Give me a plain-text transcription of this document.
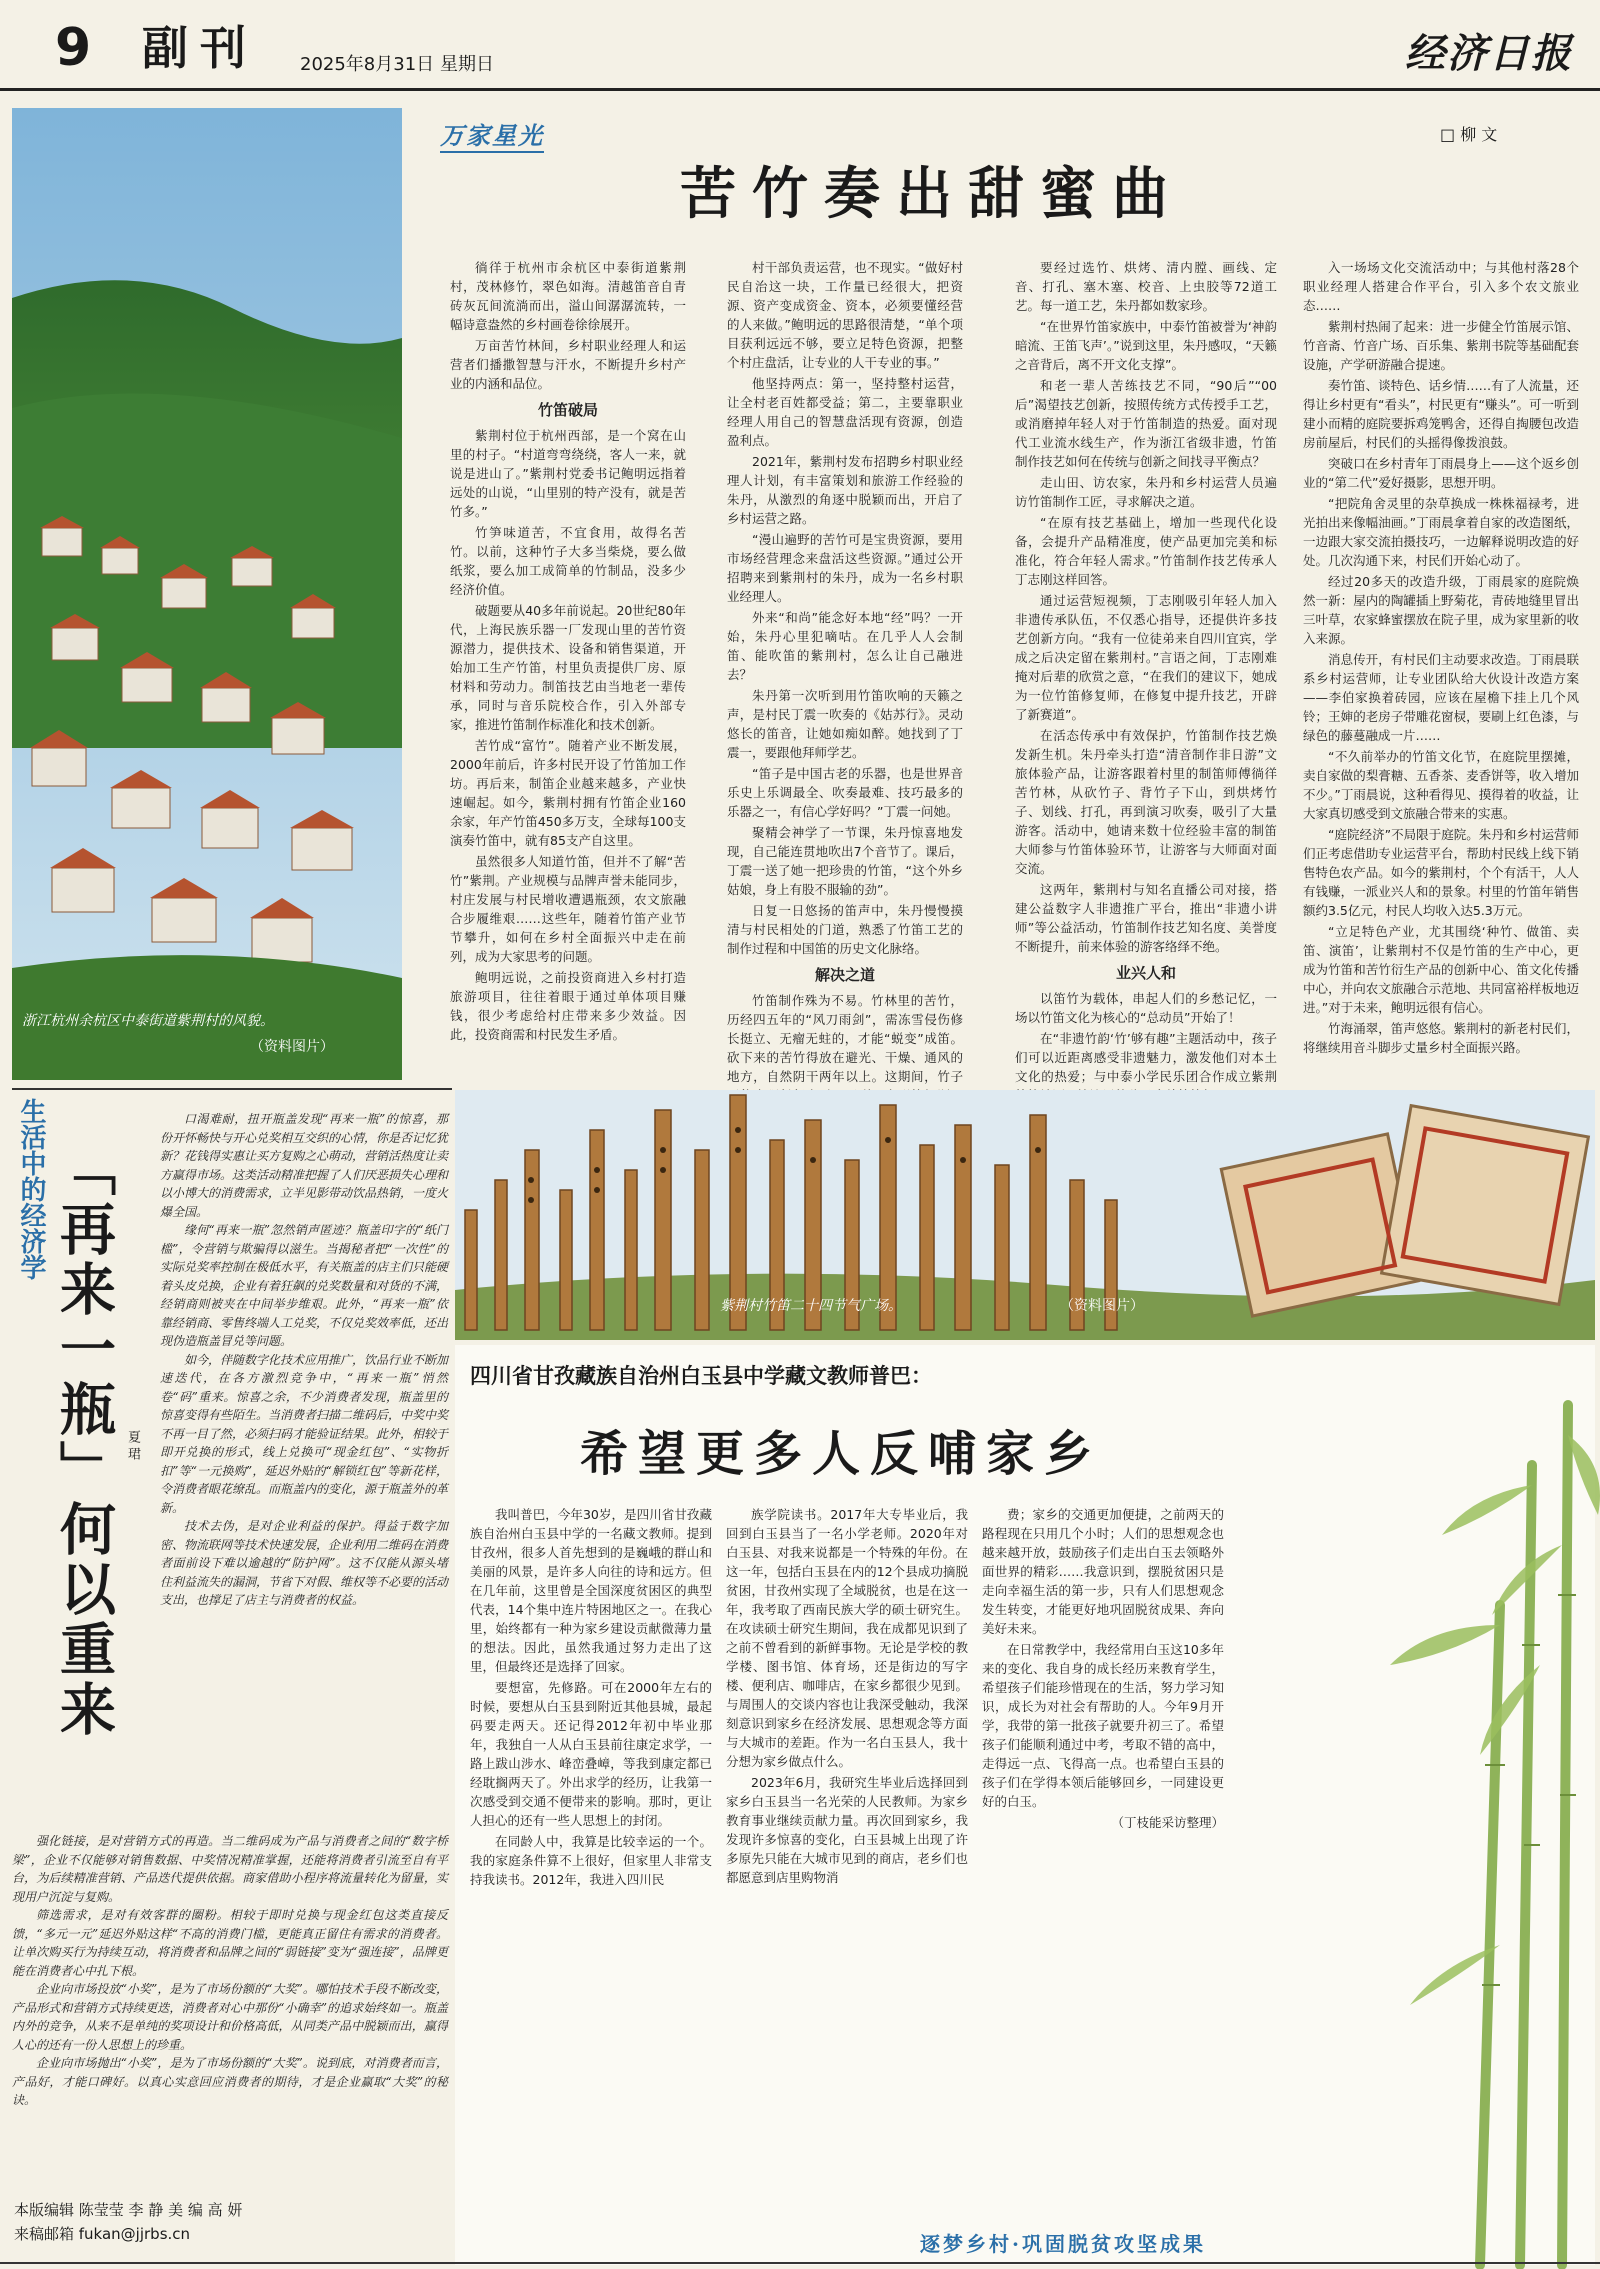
9 副刊 2025年8月31日 星期日	经济日报
浙江杭州余杭区中泰街道紫荆村的风貌。
（资料图片）
万家星光
苦竹奏出甜蜜曲
□ 柳 文

徜徉于杭州市余杭区中泰街道紫荆村，茂林修竹，翠色如海。清越笛音自青砖灰瓦间流淌而出，溢山间潺潺流转，一幅诗意盎然的乡村画卷徐徐展开。

万亩苦竹林间，乡村职业经理人和运营者们播撒智慧与汗水，不断提升乡村产业的内涵和品位。

竹笛破局

紫荆村位于杭州西部，是一个窝在山里的村子。“村道弯弯绕绕，客人一来，就说是进山了。”紫荆村党委书记鲍明远指着远处的山说，“山里别的特产没有，就是苦竹多。”

竹笋味道苦，不宜食用，故得名苦竹。以前，这种竹子大多当柴烧，要么做纸浆，要么加工成简单的竹制品，没多少经济价值。

破题要从40多年前说起。20世纪80年代，上海民族乐器一厂发现山里的苦竹资源潜力，提供技术、设备和销售渠道，开始加工生产竹笛，村里负责提供厂房、原材料和劳动力。制笛技艺由当地老一辈传承，同时与音乐院校合作，引入外部专家，推进竹笛制作标准化和技术创新。

苦竹成“富竹”。随着产业不断发展，2000年前后，许多村民开设了竹笛加工作坊。再后来，制笛企业越来越多，产业快速崛起。如今，紫荆村拥有竹笛企业160余家，年产竹笛450多万支，全球每100支演奏竹笛中，就有85支产自这里。

虽然很多人知道竹笛，但并不了解“苦竹”紫荆。产业规模与品牌声誉未能同步，村庄发展与村民增收遭遇瓶颈，农文旅融合步履维艰……这些年，随着竹笛产业节节攀升，如何在乡村全面振兴中走在前列，成为大家思考的问题。

鲍明远说，之前投资商进入乡村打造旅游项目，往往着眼于通过单体项目赚钱，很少考虑给村庄带来多少效益。因此，投资商需和村民发生矛盾。

村干部负责运营，也不现实。“做好村民自治这一块，工作量已经很大，把资源、资产变成资金、资本，必须要懂经营的人来做。”鲍明远的思路很清楚，“单个项目获利远远不够，要立足特色资源，把整个村庄盘活，让专业的人干专业的事。”

他坚持两点：第一，坚持整村运营，让全村老百姓都受益；第二，主要靠职业经理人用自己的智慧盘活现有资源，创造盈利点。

2021年，紫荆村发布招聘乡村职业经理人计划，有丰富策划和旅游工作经验的朱丹，从激烈的角逐中脱颖而出，开启了乡村运营之路。

“漫山遍野的苦竹可是宝贵资源，要用市场经营理念来盘活这些资源。”通过公开招聘来到紫荆村的朱丹，成为一名乡村职业经理人。

外来“和尚”能念好本地“经”吗？一开始，朱丹心里犯嘀咕。在几乎人人会制笛、能吹笛的紫荆村，怎么让自己融进去？

朱丹第一次听到用竹笛吹响的天籁之声，是村民丁震一吹奏的《姑苏行》。灵动悠长的笛音，让她如痴如醉。她找到了丁震一，要跟他拜师学艺。

“笛子是中国古老的乐器，也是世界音乐史上乐调最全、吹奏最难、技巧最多的乐器之一，有信心学好吗？”丁震一问她。

聚精会神学了一节课，朱丹惊喜地发现，自己能连贯地吹出7个音节了。课后，丁震一送了她一把珍贵的竹笛，“这个外乡姑娘，身上有股不服输的劲”。

日复一日悠扬的笛声中，朱丹慢慢摸清与村民相处的门道，熟悉了竹笛工艺的制作过程和中国笛的历史文化脉络。

解决之道

竹笛制作殊为不易。竹林里的苦竹，历经四五年的“风刀雨剑”，需冻雪侵伤修长挺立、无瘤无蛀的，才能“蜕变”成笛。砍下来的苦竹得放在避光、干燥、通风的地方，自然阴干两年以上。这期间，竹子

要经过选竹、烘烤、清内膛、画线、定音、打孔、塞木塞、校音、上虫胶等72道工艺。每一道工艺，朱丹都如数家珍。

“在世界竹笛家族中，中泰竹笛被誉为‘神韵暗流、王笛飞声’。”说到这里，朱丹感叹，“天籁之音背后，离不开文化支撑”。

和老一辈人苦练技艺不同，“90后”“00后”渴望技艺创新，按照传统方式传授手工艺，或消磨掉年轻人对于竹笛制造的热爱。面对现代工业流水线生产，作为浙江省级非遗，竹笛制作技艺如何在传统与创新之间找寻平衡点？

走山田、访农家，朱丹和乡村运营人员遍访竹笛制作工匠，寻求解决之道。

“在原有技艺基础上，增加一些现代化设备，会提升产品精准度，使产品更加完美和标准化，符合年轻人需求。”竹笛制作技艺传承人丁志刚这样回答。

通过运营短视频，丁志刚吸引年轻人加入非遗传承队伍，不仅悉心指导，还提供许多技艺创新方向。“我有一位徒弟来自四川宜宾，学成之后决定留在紫荆村。”言语之间，丁志刚难掩对后辈的欣赏之意，“在我们的建议下，她成为一位竹笛修复师，在修复中提升技艺，开辟了新赛道”。

在活态传承中有效保护，竹笛制作技艺焕发新生机。朱丹牵头打造“清音制作非日游”文旅体验产品，让游客跟着村里的制笛师傅徜徉苦竹林，从砍竹子、背竹子下山，到烘烤竹子、划线、打孔，再到演习吹奏，吸引了大量游客。活动中，她请来数十位经验丰富的制笛大师参与竹笛体验环节，让游客与大师面对面交流。

这两年，紫荆村与知名直播公司对接，搭建公益数字人非遗推广平台，推出“非遗小讲师”等公益活动，竹笛制作技艺知名度、美誉度不断提升，前来体验的游客络绎不绝。

业兴人和

以笛竹为载体，串起人们的乡愁记忆，一场以竹笛文化为核心的“总动员”开始了！

在“非遗竹韵‘竹’够有趣”主题活动中，孩子们可以近距离感受非遗魅力，激发他们对本土文化的热爱；与中泰小学民乐团合作成立紫荆

入一场场文化交流活动中；与其他村落28个职业经理人搭建合作平台，引入多个农文旅业态……

紫荆村热闹了起来：进一步健全竹笛展示馆、竹音斋、竹音广场、百乐集、紫荆书院等基础配套设施，产学研游融合提速。

奏竹笛、谈特色、话乡情……有了人流量，还得让乡村更有“看头”，村民更有“赚头”。可一听到建小而精的庭院要拆鸡笼鸭舍，还得自掏腰包改造房前屋后，村民们的头摇得像拨浪鼓。

突破口在乡村青年丁雨晨身上——这个返乡创业的“第二代”爱好摄影，思想开明。

“把院角舍灵里的杂草换成一株株福禄考，进光拍出来像幅油画。”丁雨晨拿着自家的改造图纸，一边跟大家交流拍摄技巧，一边解释说明改造的好处。几次沟通下来，村民们开始心动了。

经过20多天的改造升级，丁雨晨家的庭院焕然一新：屋内的陶罐插上野菊花，青砖地缝里冒出三叶草，农家蜂蜜摆放在院子里，成为家里新的收入来源。

消息传开，有村民们主动要求改造。丁雨晨联系乡村运营师，让专业团队给大伙设计改造方案——李伯家换着砖园，应该在屋檐下挂上几个风铃；王婶的老房子带雕花窗棂，要刷上红色漆，与绿色的藤蔓融成一片……

“不久前举办的竹笛文化节，在庭院里摆摊，卖自家做的梨膏糖、五香茶、麦香饼等，收入增加不少。”丁雨晨说，这种看得见、摸得着的收益，让大家真切感受到文旅融合带来的实惠。

“庭院经济”不局限于庭院。朱丹和乡村运营师们正考虑借助专业运营平台，帮助村民线上线下销售特色农产品。如今的紫荆村，个个有活干，人人有钱赚，一派业兴人和的景象。村里的竹笛年销售额约3.5亿元，村民人均收入达5.3万元。

“立足特色产业，尤其围绕‘种竹、做笛、卖笛、演笛’，让紫荆村不仅是竹笛的生产中心，更成为竹笛和苦竹衍生产品的创新中心、笛文化传播中心，并向农文旅融合示范地、共同富裕样板地迈进。”对于未来，鲍明远很有信心。

竹海涌翠，笛声悠悠。紫荆村的新老村民们，将继续用音斗脚步丈量乡村全面振兴路。

紫荆村竹笛二十四节气广场。	（资料图片）
生活中的经济学 「再来一瓶」何以重来 夏 珺

口渴难耐，扭开瓶盖发现“再来一瓶”的惊喜，那份开怀畅快与开心兑奖相互交织的心情，你是否记忆犹新？花钱得实惠让买方复购之心萌动，营销活热度让卖方赢得市场。这类活动精准把握了人们厌恶损失心理和以小博大的消费需求，立半见影带动饮品热销，一度火爆全国。

缘何“再来一瓶”忽然销声匿迹？瓶盖印字的“纸门槛”，令营销与欺骗得以滋生。当揭秘者把“一次性”的实际兑奖率控制在极低水平，有关瓶盖的店主们只能硬着头皮兑换，企业有着狂飙的兑奖数量和对货的不满，经销商则被夹在中间举步维艰。此外，“再来一瓶”依靠经销商、零售终端人工兑奖，不仅兑奖效率低，还出现伪造瓶盖冒兑等问题。

如今，伴随数字化技术应用推广，饮品行业不断加速迭代，在各方激烈竞争中，“再来一瓶”悄然卷“码”重来。惊喜之余，不少消费者发现，瓶盖里的惊喜变得有些陌生。当消费者扫描二维码后，中奖中奖不再一目了然，必须扫码才能验证结果。此外，相较于即开兑换的形式，线上兑换可“现金红包”、“实物折扣”等“一元换购”，延迟外贴的“解锁红包”等新花样，令消费者眼花缭乱。而瓶盖内的变化，源于瓶盖外的革新。

技术去伪，是对企业利益的保护。得益于数字加密、物流联网等技术快速发展，企业利用二维码在消费者面前设下难以逾越的“防护网”。这不仅能从源头堵住利益流失的漏洞，节省下对假、维权等不必要的活动支出，也撑足了店主与消费者的权益。

强化链接，是对营销方式的再造。当二维码成为产品与消费者之间的“数字桥梁”，企业不仅能够对销售数据、中奖情况精准掌握，还能将消费者引流至自有平台，为后续精准营销、产品迭代提供依据。商家借助小程序将流量转化为留量，实现用户沉淀与复购。

筛选需求，是对有效客群的圈粉。相较于即时兑换与现金红包这类直接反馈，“多元一元”延迟外贴这样“不高的消费门槛，更能真正留住有需求的消费者。让单次购买行为持续互动，将消费者和品牌之间的“弱链接”变为“强连接”，品牌更能在消费者心中扎下根。

企业向市场投放“小奖”，是为了市场份额的“大奖”。哪怕技术手段不断改变，产品形式和营销方式持续更迭，消费者对心中那份“小确幸”的追求始终如一。瓶盖内外的竞争，从来不是单纯的奖项设计和价格高低，从同类产品中脱颖而出，赢得人心的还有一份人思想上的珍重。

企业向市场抛出“小奖”，是为了市场份额的“大奖”。说到底，对消费者而言，产品好，才能口碑好。以真心实意回应消费者的期待，才是企业赢取“大奖”的秘诀。

本版编辑 陈莹莹 李 静 美 编 高 妍
来稿邮箱 fukan@jjrbs.cn
四川省甘孜藏族自治州白玉县中学藏文教师普巴：
希望更多人反哺家乡

我叫普巴，今年30岁，是四川省甘孜藏族自治州白玉县中学的一名藏文教师。提到甘孜州，很多人首先想到的是巍峨的群山和美丽的风景，是许多人向往的诗和远方。但在几年前，这里曾是全国深度贫困区的典型代表，14个集中连片特困地区之一。在我心里，始终都有一种为家乡建设贡献微薄力量的想法。因此，虽然我通过努力走出了这里，但最终还是选择了回家。

要想富，先修路。可在2000年左右的时候，要想从白玉县到附近其他县城，最起码要走两天。还记得2012年初中毕业那年，我独自一人从白玉县前往康定求学，一路上跋山涉水、峰峦叠嶂，等我到康定都已经耽搁两天了。外出求学的经历，让我第一次感受到交通不便带来的影响。那时，更让人担心的还有一些人思想上的封闭。

在同龄人中，我算是比较幸运的一个。我的家庭条件算不上很好，但家里人非常支持我读书。2012年，我进入四川民

族学院读书。2017年大专毕业后，我回到白玉县当了一名小学老师。2020年对白玉县、对我来说都是一个特殊的年份。在这一年，包括白玉县在内的12个县成功摘脱贫困，甘孜州实现了全域脱贫，也是在这一年，我考取了西南民族大学的硕士研究生。在攻读硕士研究生期间，我在成都见识到了之前不曾看到的新鲜事物。无论是学校的教学楼、图书馆、体育场，还是街边的写字楼、便利店、咖啡店，在家乡都很少见到。与周围人的交谈内容也让我深受触动，我深刻意识到家乡在经济发展、思想观念等方面与大城市的差距。作为一名白玉县人，我十分想为家乡做点什么。

2023年6月，我研究生毕业后选择回到家乡白玉县当一名光荣的人民教师。为家乡教育事业继续贡献力量。再次回到家乡，我发现许多惊喜的变化，白玉县城上出现了许多原先只能在大城市见到的商店，老乡们也都愿意到店里购物消

费；家乡的交通更加便捷，之前两天的路程现在只用几个小时；人们的思想观念也越来越开放，鼓励孩子们走出白玉去领略外面世界的精彩……我意识到，摆脱贫困只是走向幸福生活的第一步，只有人们思想观念发生转变，才能更好地巩固脱贫成果、奔向美好未来。

在日常教学中，我经常用白玉这10多年来的变化、我自身的成长经历来教育学生，希望孩子们能珍惜现在的生活，努力学习知识，成长为对社会有帮助的人。今年9月开学，我带的第一批孩子就要升初三了。希望孩子们能顺利通过中考，考取不错的高中，走得远一点、飞得高一点。也希望白玉县的孩子们在学得本领后能够回乡，一同建设更好的白玉。

（丁枝能采访整理）

逐梦乡村·巩固脱贫攻坚成果
